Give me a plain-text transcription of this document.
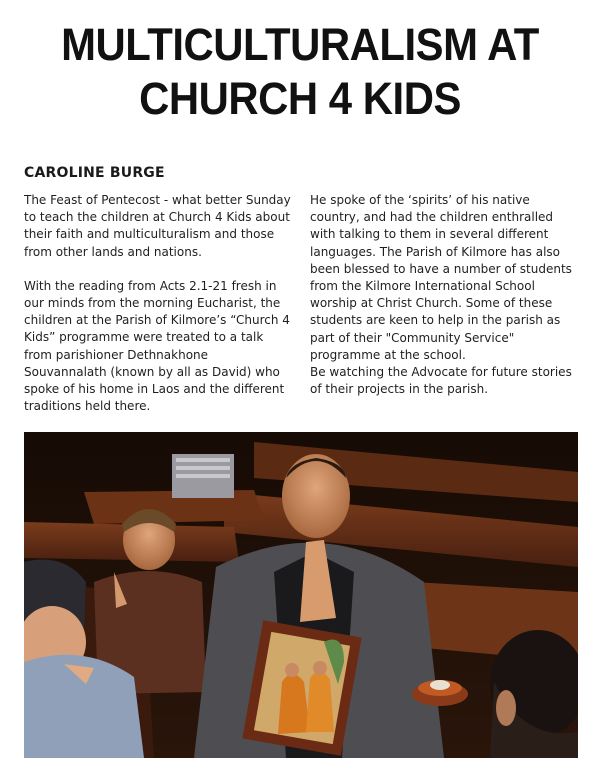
MULTICULTURALISM AT
CHURCH 4 KIDS
CAROLINE BURGE

The Feast of Pentecost - what better Sunday to teach the children at Church 4 Kids about their faith and multiculturalism and those from other lands and nations.

With the reading from Acts 2.1-21 fresh in our minds from the morning Eucharist, the children at the Parish of Kilmore’s “Church 4 Kids” programme were treated to a talk from parishioner Dethnakhone Souvannalath (known by all as David) who spoke of his home in Laos and the different traditions held there.

He spoke of the ‘spirits’ of his native country, and had the children enthralled with talking to them in several different languages. The Parish of Kilmore has also been blessed to have a number of students from the Kilmore International School worship at Christ Church. Some of these students are keen to help in the parish as part of their "Community Service" programme at the school.

Be watching the Advocate for future stories of their projects in the parish.
